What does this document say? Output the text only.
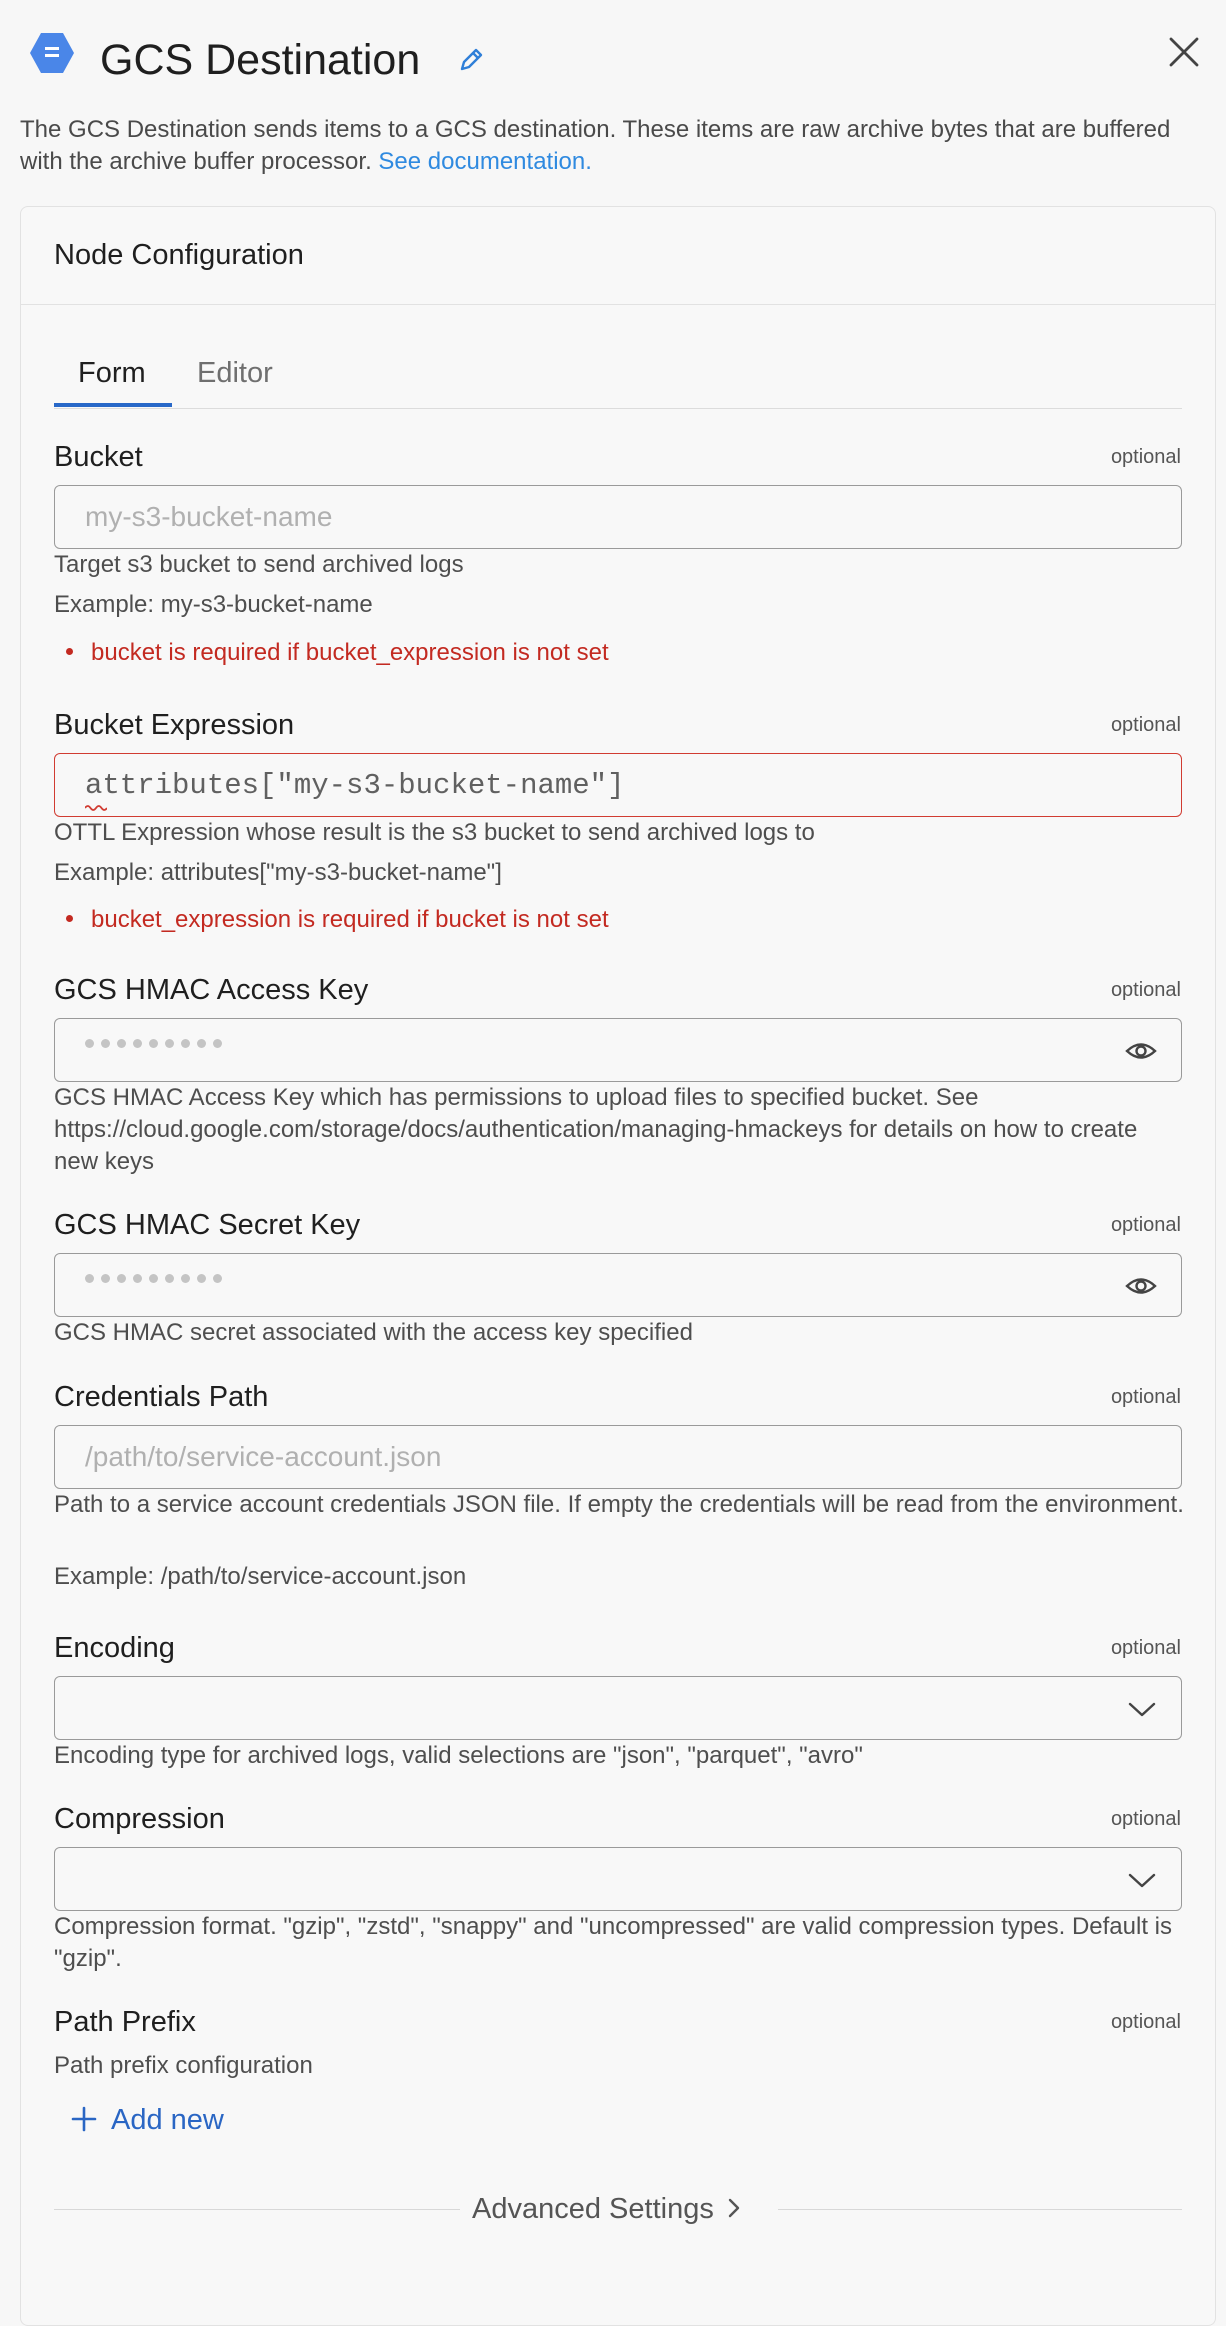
GCS Destination
The GCS Destination sends items to a GCS destination. These items are raw archive bytes that are buffered with the archive buffer processor. See documentation.
Node Configuration
Form Editor
Bucket	optional
my-s3-bucket-name
Target s3 bucket to send archived logs
Example: my-s3-bucket-name
bucket is required if bucket_expression is not set
Bucket Expression	optional
attributes["my-s3-bucket-name"]
OTTL Expression whose result is the s3 bucket to send archived logs to
Example: attributes["my-s3-bucket-name"]
bucket_expression is required if bucket is not set
GCS HMAC Access Key	optional
GCS HMAC Access Key which has permissions to upload files to specified bucket. See https://cloud.google.com/storage/docs/authentication/managing-hmackeys for details on how to create new keys
GCS HMAC Secret Key	optional
GCS HMAC secret associated with the access key specified
Credentials Path	optional
/path/to/service-account.json
Path to a service account credentials JSON file. If empty the credentials will be read from the environment.
Example: /path/to/service-account.json
Encoding	optional
Encoding type for archived logs, valid selections are "json", "parquet", "avro"
Compression	optional
Compression format. "gzip", "zstd", "snappy" and "uncompressed" are valid compression types. Default is "gzip".
Path Prefix	optional
Path prefix configuration
Add new
Advanced Settings
